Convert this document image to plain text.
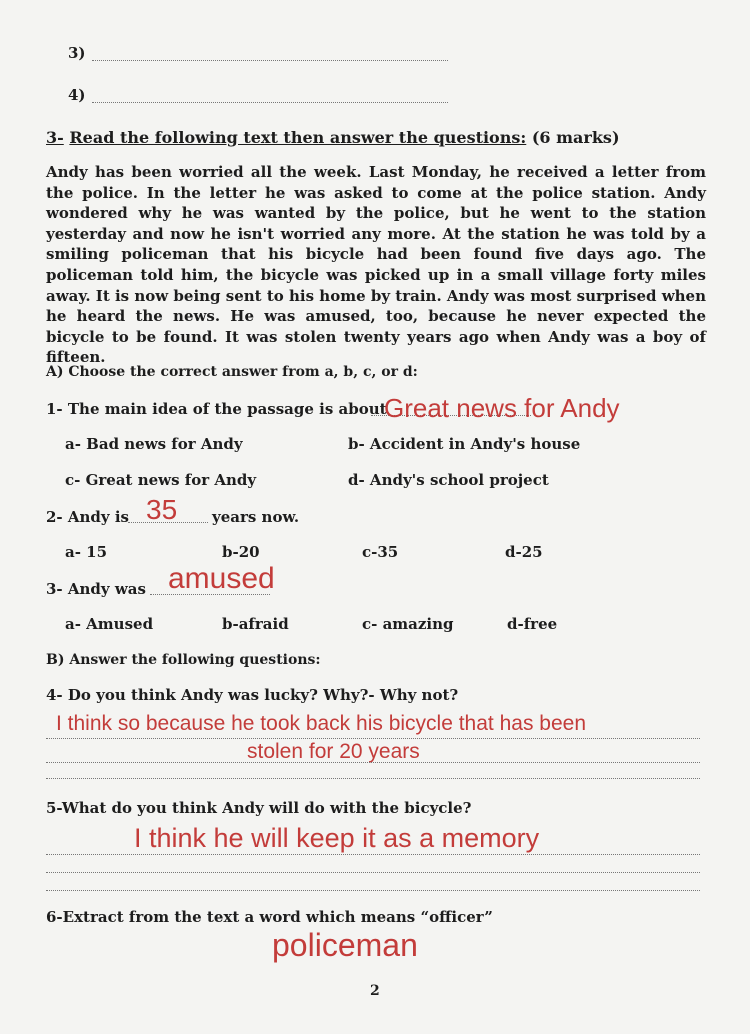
3)
4)
3- Read the following text then answer the questions: (6 marks)

Andy has been worried all the week. Last Monday, he received a letter from the police. In the letter he was asked to come at the police station. Andy wondered why he was wanted by the police, but he went to the station yesterday and now he isn't worried any more. At the station he was told by a smiling policeman that his bicycle had been found five days ago. The policeman told him, the bicycle was picked up in a small village forty miles away. It is now being sent to his home by train. Andy was most surprised when he heard the news. He was amused, too, because he never expected the bicycle to be found. It was stolen twenty years ago when Andy was a boy of fifteen.

A) Choose the correct answer from a, b, c, or d:
1- The main idea of the passage is about
Great news for Andy
a- Bad news for Andy	b- Accident in Andy's house
c- Great news for Andy	d- Andy's school project
2- Andy is 35 years now.
a- 15	b-20	c-35	d-25
3- Andy was amused
a- Amused	b-afraid	c- amazing	d-free
B) Answer the following questions:
4- Do you think Andy was lucky? Why?- Why not?
I think so because he took back his bicycle that has been
stolen for 20 years
5-What do you think Andy will do with the bicycle?
I think he will keep it as a memory
6-Extract from the text a word which means “officer”
policeman
2
